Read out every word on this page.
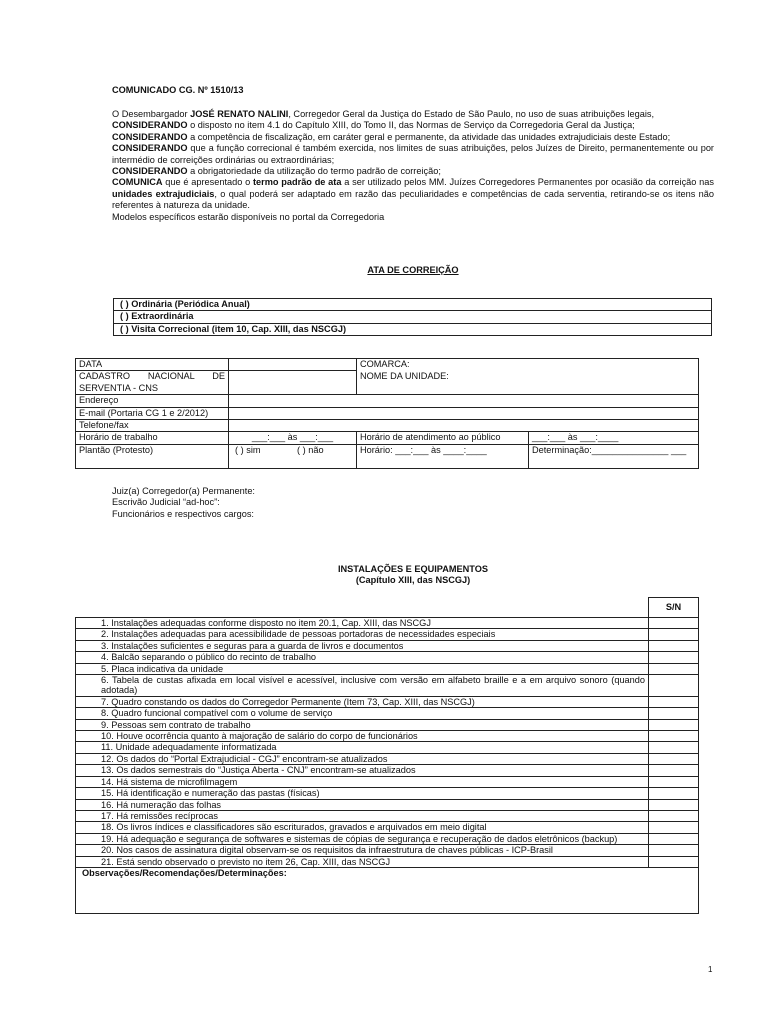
COMUNICADO CG. Nº 1510/13
O Desembargador JOSÉ RENATO NALINI, Corregedor Geral da Justiça do Estado de São Paulo, no uso de suas atribuições legais,
CONSIDERANDO o disposto no item 4.1 do Capítulo XIII, do Tomo II, das Normas de Serviço da Corregedoria Geral da Justiça;
CONSIDERANDO a competência de fiscalização, em caráter geral e permanente, da atividade das unidades extrajudiciais deste Estado;
CONSIDERANDO que a função correcional é também exercida, nos limites de suas atribuições, pelos Juízes de Direito, permanentemente ou por intermédio de correições ordinárias ou extraordinárias;
CONSIDERANDO a obrigatoriedade da utilização do termo padrão de correição;
COMUNICA que é apresentado o termo padrão de ata a ser utilizado pelos MM. Juízes Corregedores Permanentes por ocasião da correição nas unidades extrajudiciais, o qual poderá ser adaptado em razão das peculiaridades e competências de cada serventia, retirando-se os itens não referentes à natureza da unidade.
Modelos específicos estarão disponíveis no portal da Corregedoria
ATA DE CORREIÇÃO
( ) Ordinária (Periódica Anual)
( ) Extraordinária
( ) Visita Correcional (item 10, Cap. XIII, das NSCGJ)
DATA		COMARCA:	
CADASTRO NACIONAL DE SERVENTIA - CNS		NOME DA UNIDADE:	
Endereço			
E-mail (Portaria CG 1 e 2/2012)			
Telefone/fax			
Horário de trabalho	___:___ às ___:___	Horário de atendimento ao público	___:___ às ___:____
Plantão (Protesto)	( ) sim ( ) não	Horário: ___:___ às ____:____	Determinação:_______________ ___
Juiz(a) Corregedor(a) Permanente:
Escrivão Judicial “ad-hoc”:
Funcionários e respectivos cargos:
INSTALAÇÕES E EQUIPAMENTOS
(Capítulo XIII, das NSCGJ)
	S/N
1. Instalações adequadas conforme disposto no item 20.1, Cap. XIII, das NSCGJ	
2. Instalações adequadas para acessibilidade de pessoas portadoras de necessidades especiais	
3. Instalações suficientes e seguras para a guarda de livros e documentos	
4. Balcão separando o público do recinto de trabalho	
5. Placa indicativa da unidade	
6. Tabela de custas afixada em local visível e acessível, inclusive com versão em alfabeto braille e a em arquivo sonoro (quando adotada)	
7. Quadro constando os dados do Corregedor Permanente (Item 73, Cap. XIII, das NSCGJ)	
8. Quadro funcional compatível com o volume de serviço	
9. Pessoas sem contrato de trabalho	
10. Houve ocorrência quanto à majoração de salário do corpo de funcionários	
11. Unidade adequadamente informatizada	
12. Os dados do “Portal Extrajudicial - CGJ” encontram-se atualizados	
13. Os dados semestrais do “Justiça Aberta - CNJ” encontram-se atualizados	
14. Há sistema de microfilmagem	
15. Há identificação e numeração das pastas (físicas)	
16. Há numeração das folhas	
17. Há remissões recíprocas	
18. Os livros índices e classificadores são escriturados, gravados e arquivados em meio digital	
19. Há adequação e segurança de softwares e sistemas de cópias de segurança e recuperação de dados eletrônicos (backup)	
20. Nos casos de assinatura digital observam-se os requisitos da infraestrutura de chaves públicas - ICP-Brasil	
21. Está sendo observado o previsto no item 26, Cap. XIII, das NSCGJ	
Observações/Recomendações/Determinações:	
1
